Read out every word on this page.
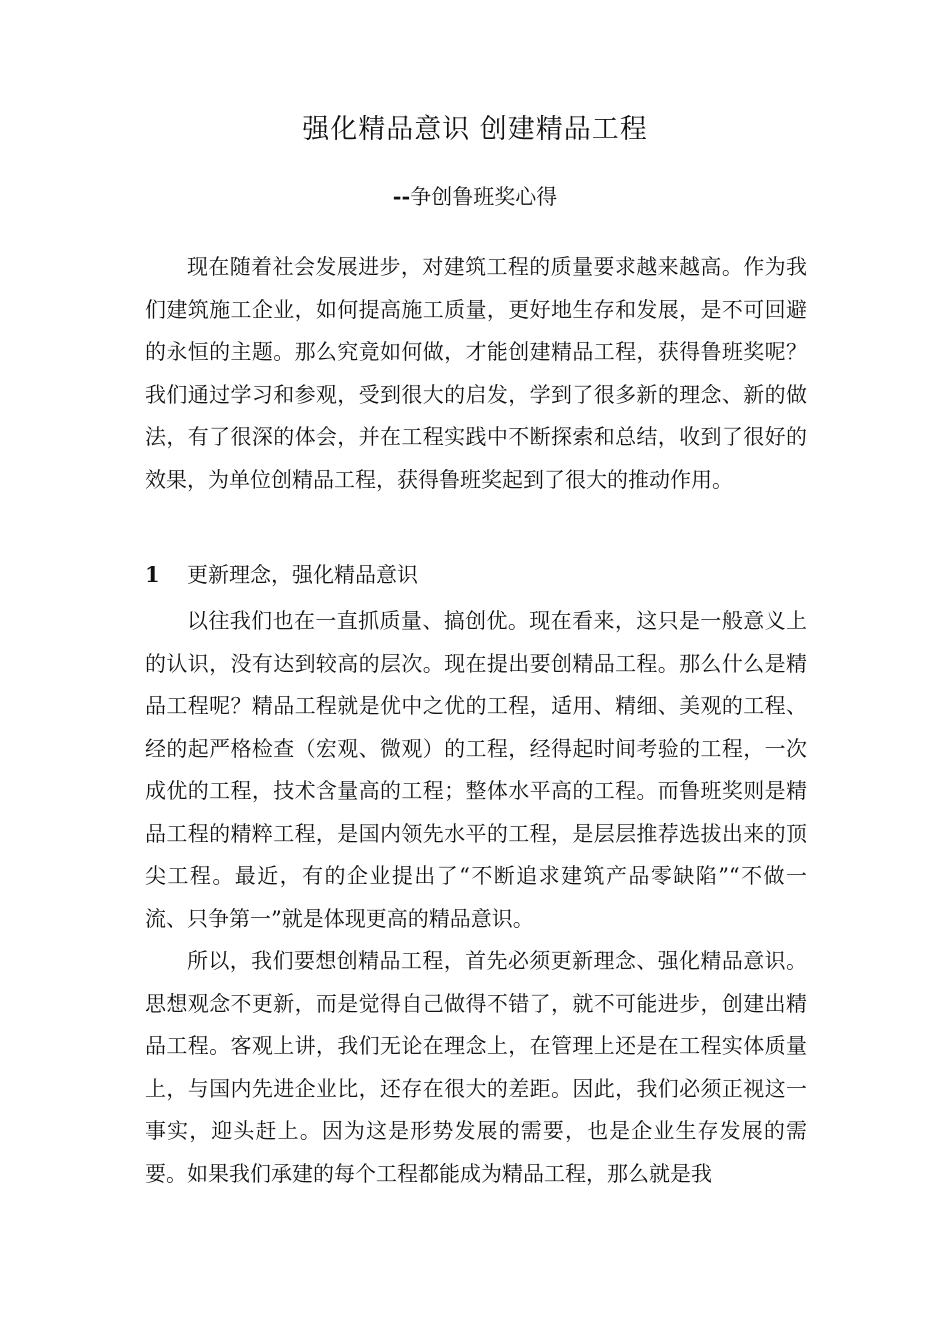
强化精品意识 创建精品工程
--争创鲁班奖心得

现在随着社会发展进步，对建筑工程的质量要求越来越高。作为我们建筑施工企业，如何提高施工质量，更好地生存和发展，是不可回避的永恒的主题。那么究竟如何做，才能创建精品工程，获得鲁班奖呢？我们通过学习和参观，受到很大的启发，学到了很多新的理念、新的做法，有了很深的体会，并在工程实践中不断探索和总结，收到了很好的效果，为单位创精品工程，获得鲁班奖起到了很大的推动作用。

1 更新理念，强化精品意识

以往我们也在一直抓质量、搞创优。现在看来，这只是一般意义上的认识，没有达到较高的层次。现在提出要创精品工程。那么什么是精品工程呢？精品工程就是优中之优的工程，适用、精细、美观的工程、经的起严格检查（宏观、微观）的工程，经得起时间考验的工程，一次成优的工程，技术含量高的工程；整体水平高的工程。而鲁班奖则是精品工程的精粹工程，是国内领先水平的工程，是层层推荐选拔出来的顶尖工程。最近，有的企业提出了“不断追求建筑产品零缺陷”“不做一流、只争第一”就是体现更高的精品意识。

所以，我们要想创精品工程，首先必须更新理念、强化精品意识。思想观念不更新，而是觉得自己做得不错了，就不可能进步，创建出精品工程。客观上讲，我们无论在理念上，在管理上还是在工程实体质量上，与国内先进企业比，还存在很大的差距。因此，我们必须正视这一事实，迎头赶上。因为这是形势发展的需要，也是企业生存发展的需要。如果我们承建的每个工程都能成为精品工程，那么就是我
